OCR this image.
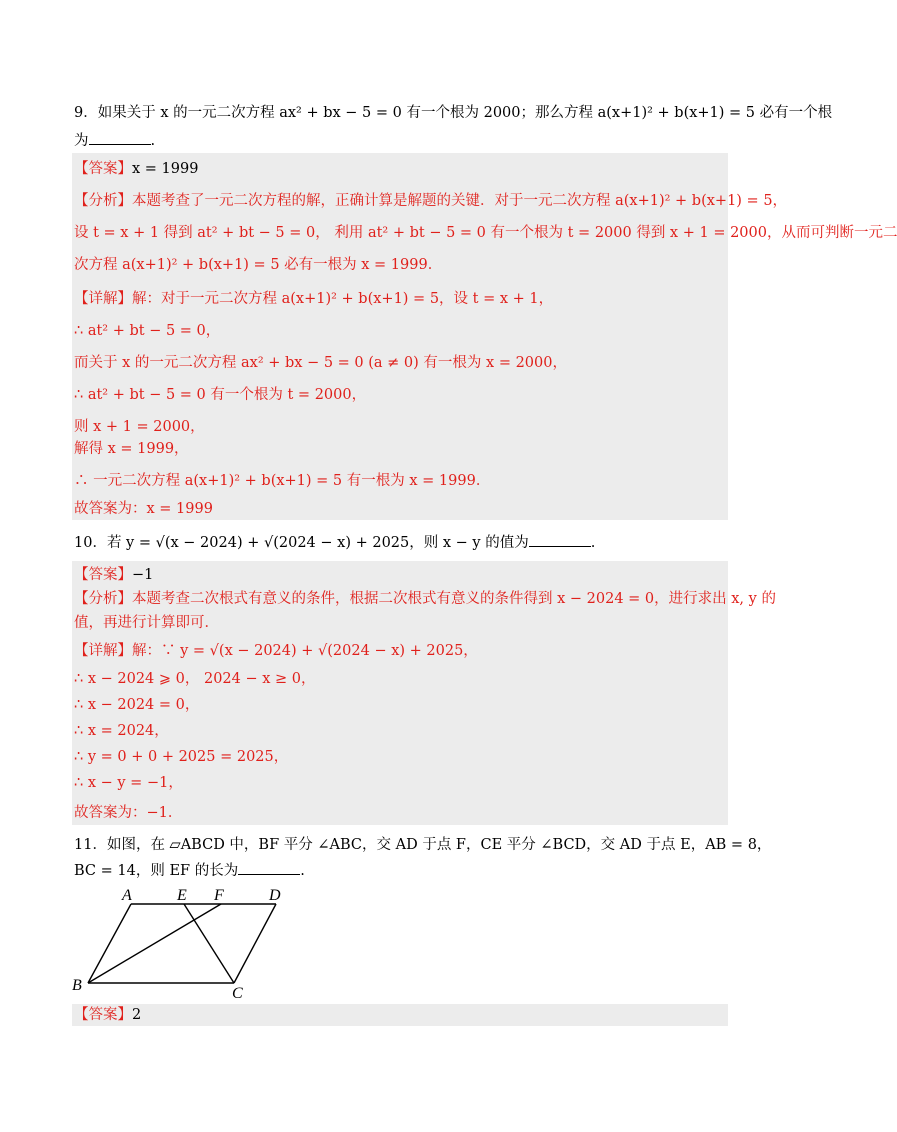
9．如果关于 x 的一元二次方程 ax² + bx − 5 = 0 有一个根为 2000；那么方程 a(x+1)² + b(x+1) = 5 必有一个根
为	.
【答案】x = 1999
【分析】本题考查了一元二次方程的解，正确计算是解题的关键．对于一元二次方程 a(x+1)² + b(x+1) = 5，
设 t = x + 1 得到 at² + bt − 5 = 0， 利用 at² + bt − 5 = 0 有一个根为 t = 2000 得到 x + 1 = 2000，从而可判断一元二
次方程 a(x+1)² + b(x+1) = 5 必有一根为 x = 1999．
【详解】解：对于一元二次方程 a(x+1)² + b(x+1) = 5，设 t = x + 1，
∴ at² + bt − 5 = 0，
而关于 x 的一元二次方程 ax² + bx − 5 = 0 (a ≠ 0) 有一根为 x = 2000，
∴ at² + bt − 5 = 0 有一个根为 t = 2000，
则 x + 1 = 2000，
解得 x = 1999，
∴ 一元二次方程 a(x+1)² + b(x+1) = 5 有一根为 x = 1999．
故答案为：x = 1999
10．若 y = √(x − 2024) + √(2024 − x) + 2025，则 x − y 的值为	.
【答案】−1
【分析】本题考查二次根式有意义的条件，根据二次根式有意义的条件得到 x − 2024 = 0，进行求出 x, y 的
值，再进行计算即可．
【详解】解：∵ y = √(x − 2024) + √(2024 − x) + 2025，
∴ x − 2024 ⩾ 0， 2024 − x ≥ 0，
∴ x − 2024 = 0，
∴ x = 2024，
∴ y = 0 + 0 + 2025 = 2025，
∴ x − y = −1，
故答案为：−1．
11．如图，在 ▱ABCD 中，BF 平分 ∠ABC，交 AD 于点 F，CE 平分 ∠BCD，交 AD 于点 E，AB = 8，
BC = 14，则 EF 的长为	.
A	E F	D
B	C
【答案】2
